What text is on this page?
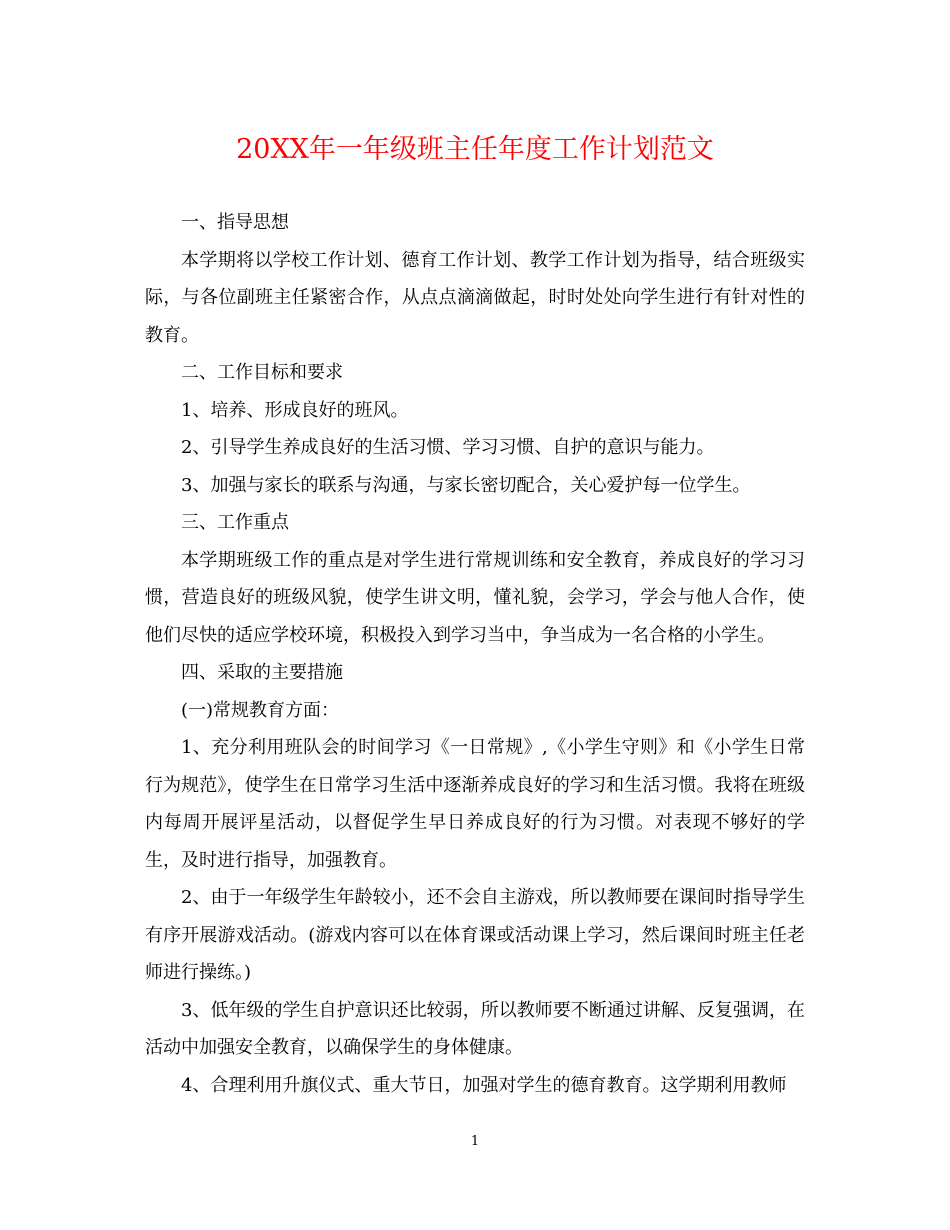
20XX年一年级班主任年度工作计划范文

一、指导思想

本学期将以学校工作计划、德育工作计划、教学工作计划为指导，结合班级实际，与各位副班主任紧密合作，从点点滴滴做起，时时处处向学生进行有针对性的教育。

二、工作目标和要求

1、培养、形成良好的班风。

2、引导学生养成良好的生活习惯、学习习惯、自护的意识与能力。

3、加强与家长的联系与沟通，与家长密切配合，关心爱护每一位学生。

三、工作重点

本学期班级工作的重点是对学生进行常规训练和安全教育，养成良好的学习习惯，营造良好的班级风貌，使学生讲文明，懂礼貌，会学习，学会与他人合作，使他们尽快的适应学校环境，积极投入到学习当中，争当成为一名合格的小学生。

四、采取的主要措施

(一)常规教育方面：

1、充分利用班队会的时间学习《一日常规》,《小学生守则》和《小学生日常行为规范》，使学生在日常学习生活中逐渐养成良好的学习和生活习惯。我将在班级内每周开展评星活动，以督促学生早日养成良好的行为习惯。对表现不够好的学生，及时进行指导，加强教育。

2、由于一年级学生年龄较小，还不会自主游戏，所以教师要在课间时指导学生有序开展游戏活动。(游戏内容可以在体育课或活动课上学习，然后课间时班主任老师进行操练。)

3、低年级的学生自护意识还比较弱，所以教师要不断通过讲解、反复强调，在活动中加强安全教育，以确保学生的身体健康。

4、合理利用升旗仪式、重大节日，加强对学生的德育教育。这学期利用教师

1
